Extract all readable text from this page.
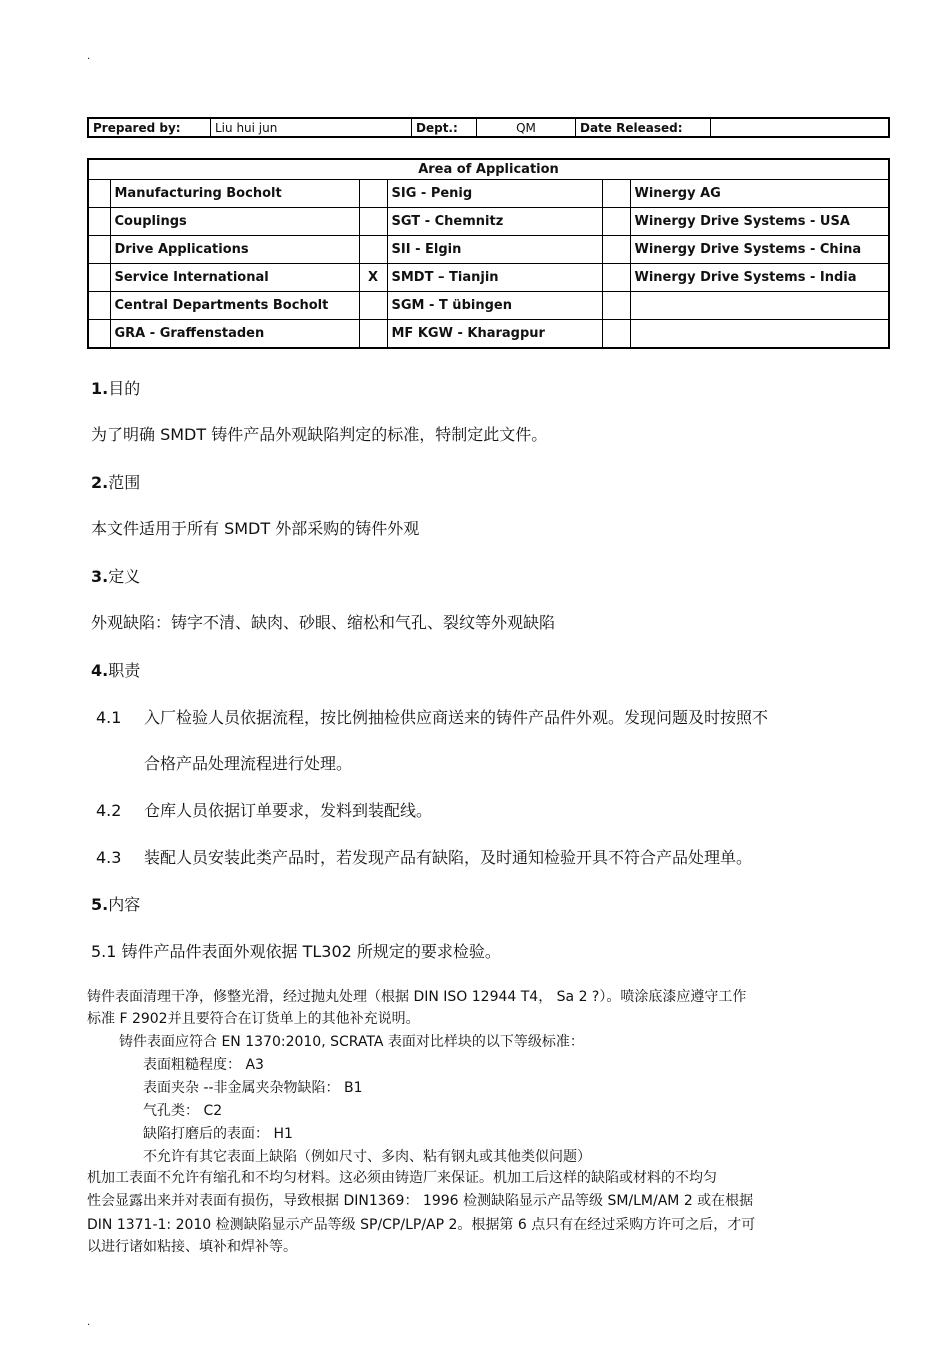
.
Prepared by:	Liu hui jun	Dept.:	QM	Date Released:	
Area of Application					
	Manufacturing Bocholt		SIG - Penig		Winergy AG
	Couplings		SGT - Chemnitz		Winergy Drive Systems - USA
	Drive Applications		SII - Elgin		Winergy Drive Systems - China
	Service International	X	SMDT – Tianjin		Winergy Drive Systems - India
	Central Departments Bocholt		SGM - T übingen		
	GRA - Graffenstaden		MF KGW - Kharagpur		
1.目的
为了明确 SMDT 铸件产品外观缺陷判定的标准，特制定此文件。
2.范围
本文件适用于所有 SMDT 外部采购的铸件外观
3.定义
外观缺陷：铸字不清、缺肉、砂眼、缩松和气孔、裂纹等外观缺陷
4.职责
4.1 入厂检验人员依据流程，按比例抽检供应商送来的铸件产品件外观。发现问题及时按照不
合格产品处理流程进行处理。
4.2 仓库人员依据订单要求，发料到装配线。
4.3 装配人员安装此类产品时，若发现产品有缺陷，及时通知检验开具不符合产品处理单。
5.内容
5.1 铸件产品件表面外观依据 TL302 所规定的要求检验。
铸件表面清理干净，修整光滑，经过抛丸处理（根据 DIN ISO 12944 T4， Sa 2 ?）。喷涂底漆应遵守工作
标准 F 2902并且要符合在订货单上的其他补充说明。
铸件表面应符合 EN 1370:2010, SCRATA 表面对比样块的以下等级标准：
表面粗糙程度： A3
表面夹杂 --非金属夹杂物缺陷： B1
气孔类： C2
缺陷打磨后的表面： H1
不允许有其它表面上缺陷（例如尺寸、多肉、粘有钢丸或其他类似问题）
机加工表面不允许有缩孔和不均匀材料。这必须由铸造厂来保证。机加工后这样的缺陷或材料的不均匀
性会显露出来并对表面有损伤，导致根据 DIN1369： 1996 检测缺陷显示产品等级 SM/LM/AM 2 或在根据
DIN 1371-1: 2010 检测缺陷显示产品等级 SP/CP/LP/AP 2。根据第 6 点只有在经过采购方许可之后，才可
以进行诸如粘接、填补和焊补等。
.
